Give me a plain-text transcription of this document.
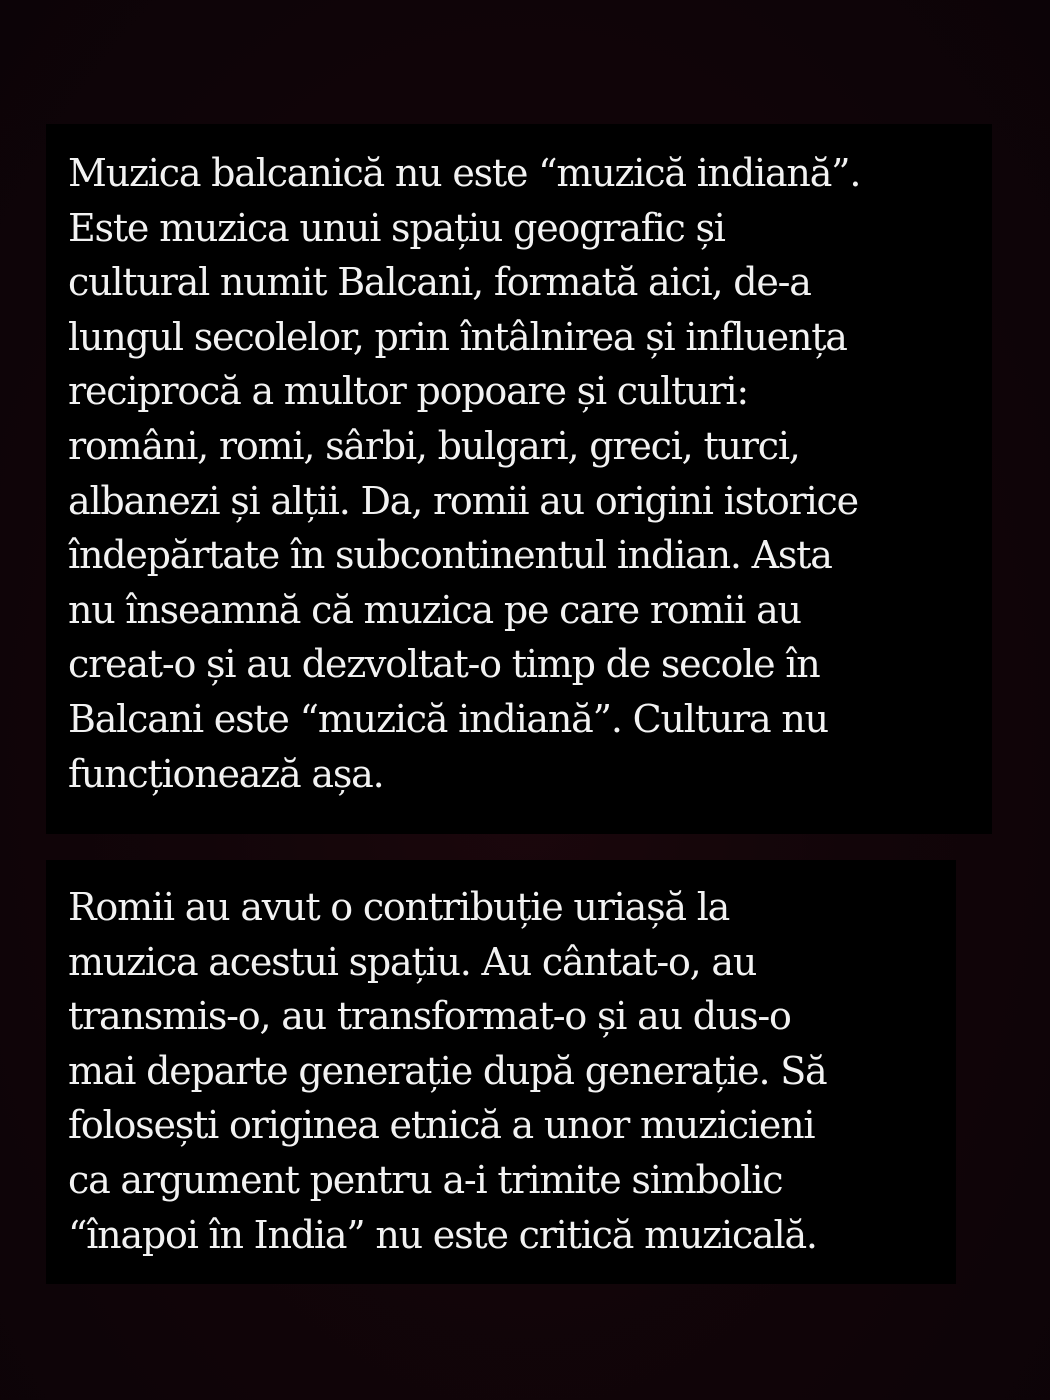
Muzica balcanică nu este “muzică indiană”.
Este muzica unui spațiu geografic și
cultural numit Balcani, formată aici, de-a
lungul secolelor, prin întâlnirea și influența
reciprocă a multor popoare și culturi:
români, romi, sârbi, bulgari, greci, turci,
albanezi și alții. Da, romii au origini istorice
îndepărtate în subcontinentul indian. Asta
nu înseamnă că muzica pe care romii au
creat-o și au dezvoltat-o timp de secole în
Balcani este “muzică indiană”. Cultura nu
funcționează așa.
Romii au avut o contribuție uriașă la
muzica acestui spațiu. Au cântat-o, au
transmis-o, au transformat-o și au dus-o
mai departe generație după generație. Să
folosești originea etnică a unor muzicieni
ca argument pentru a-i trimite simbolic
“înapoi în India” nu este critică muzicală.
